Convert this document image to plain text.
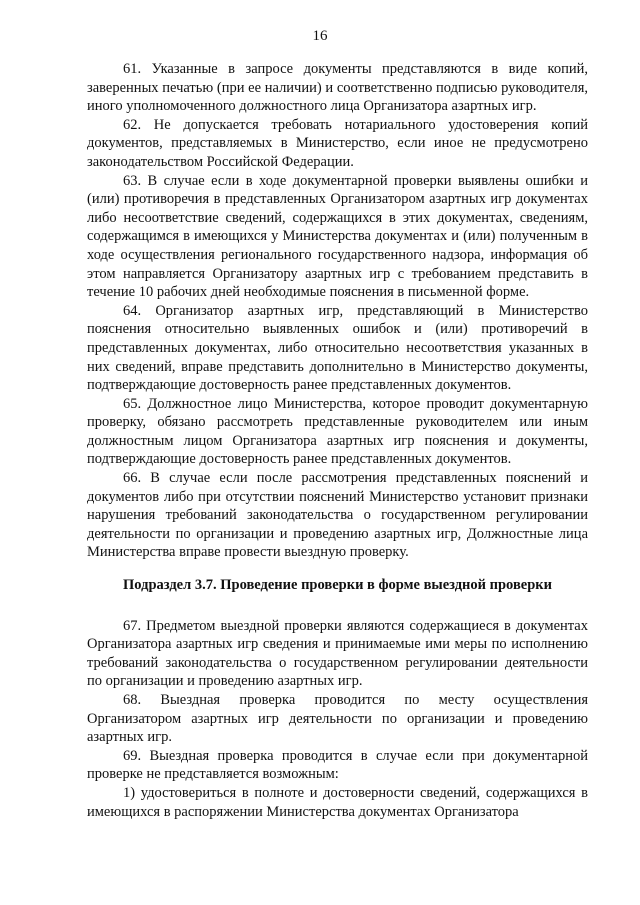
16

61. Указанные в запросе документы представляются в виде копий, заверенных печатью (при ее наличии) и соответственно подписью руководителя, иного уполномоченного должностного лица Организатора азартных игр.

62. Не допускается требовать нотариального удостоверения копий документов, представляемых в Министерство, если иное не предусмотрено законодательством Российской Федерации.

63. В случае если в ходе документарной проверки выявлены ошибки и (или) противоречия в представленных Организатором азартных игр документах либо несоответствие сведений, содержащихся в этих документах, сведениям, содержащимся в имеющихся у Министерства документах и (или) полученным в ходе осуществления регионального государственного надзора, информация об этом направляется Организатору азартных игр с требованием представить в течение 10 рабочих дней необходимые пояснения в письменной форме.

64. Организатор азартных игр, представляющий в Министерство пояснения относительно выявленных ошибок и (или) противоречий в представленных документах, либо относительно несоответствия указанных в них сведений, вправе представить дополнительно в Министерство документы, подтверждающие достоверность ранее представленных документов.

65. Должностное лицо Министерства, которое проводит документарную проверку, обязано рассмотреть представленные руководителем или иным должностным лицом Организатора азартных игр пояснения и документы, подтверждающие достоверность ранее представленных документов.

66. В случае если после рассмотрения представленных пояснений и документов либо при отсутствии пояснений Министерство установит признаки нарушения требований законодательства о государственном регулировании деятельности по организации и проведению азартных игр, Должностные лица Министерства вправе провести выездную проверку.

Подраздел 3.7. Проведение проверки в форме выездной проверки

67. Предметом выездной проверки являются содержащиеся в документах Организатора азартных игр сведения и принимаемые ими меры по исполнению требований законодательства о государственном регулировании деятельности по организации и проведению азартных игр.

68. Выездная проверка проводится по месту осуществления Организатором азартных игр деятельности по организации и проведению азартных игр.

69. Выездная проверка проводится в случае если при документарной проверке не представляется возможным:

1) удостовериться в полноте и достоверности сведений, содержащихся в имеющихся в распоряжении Министерства документах Организатора
